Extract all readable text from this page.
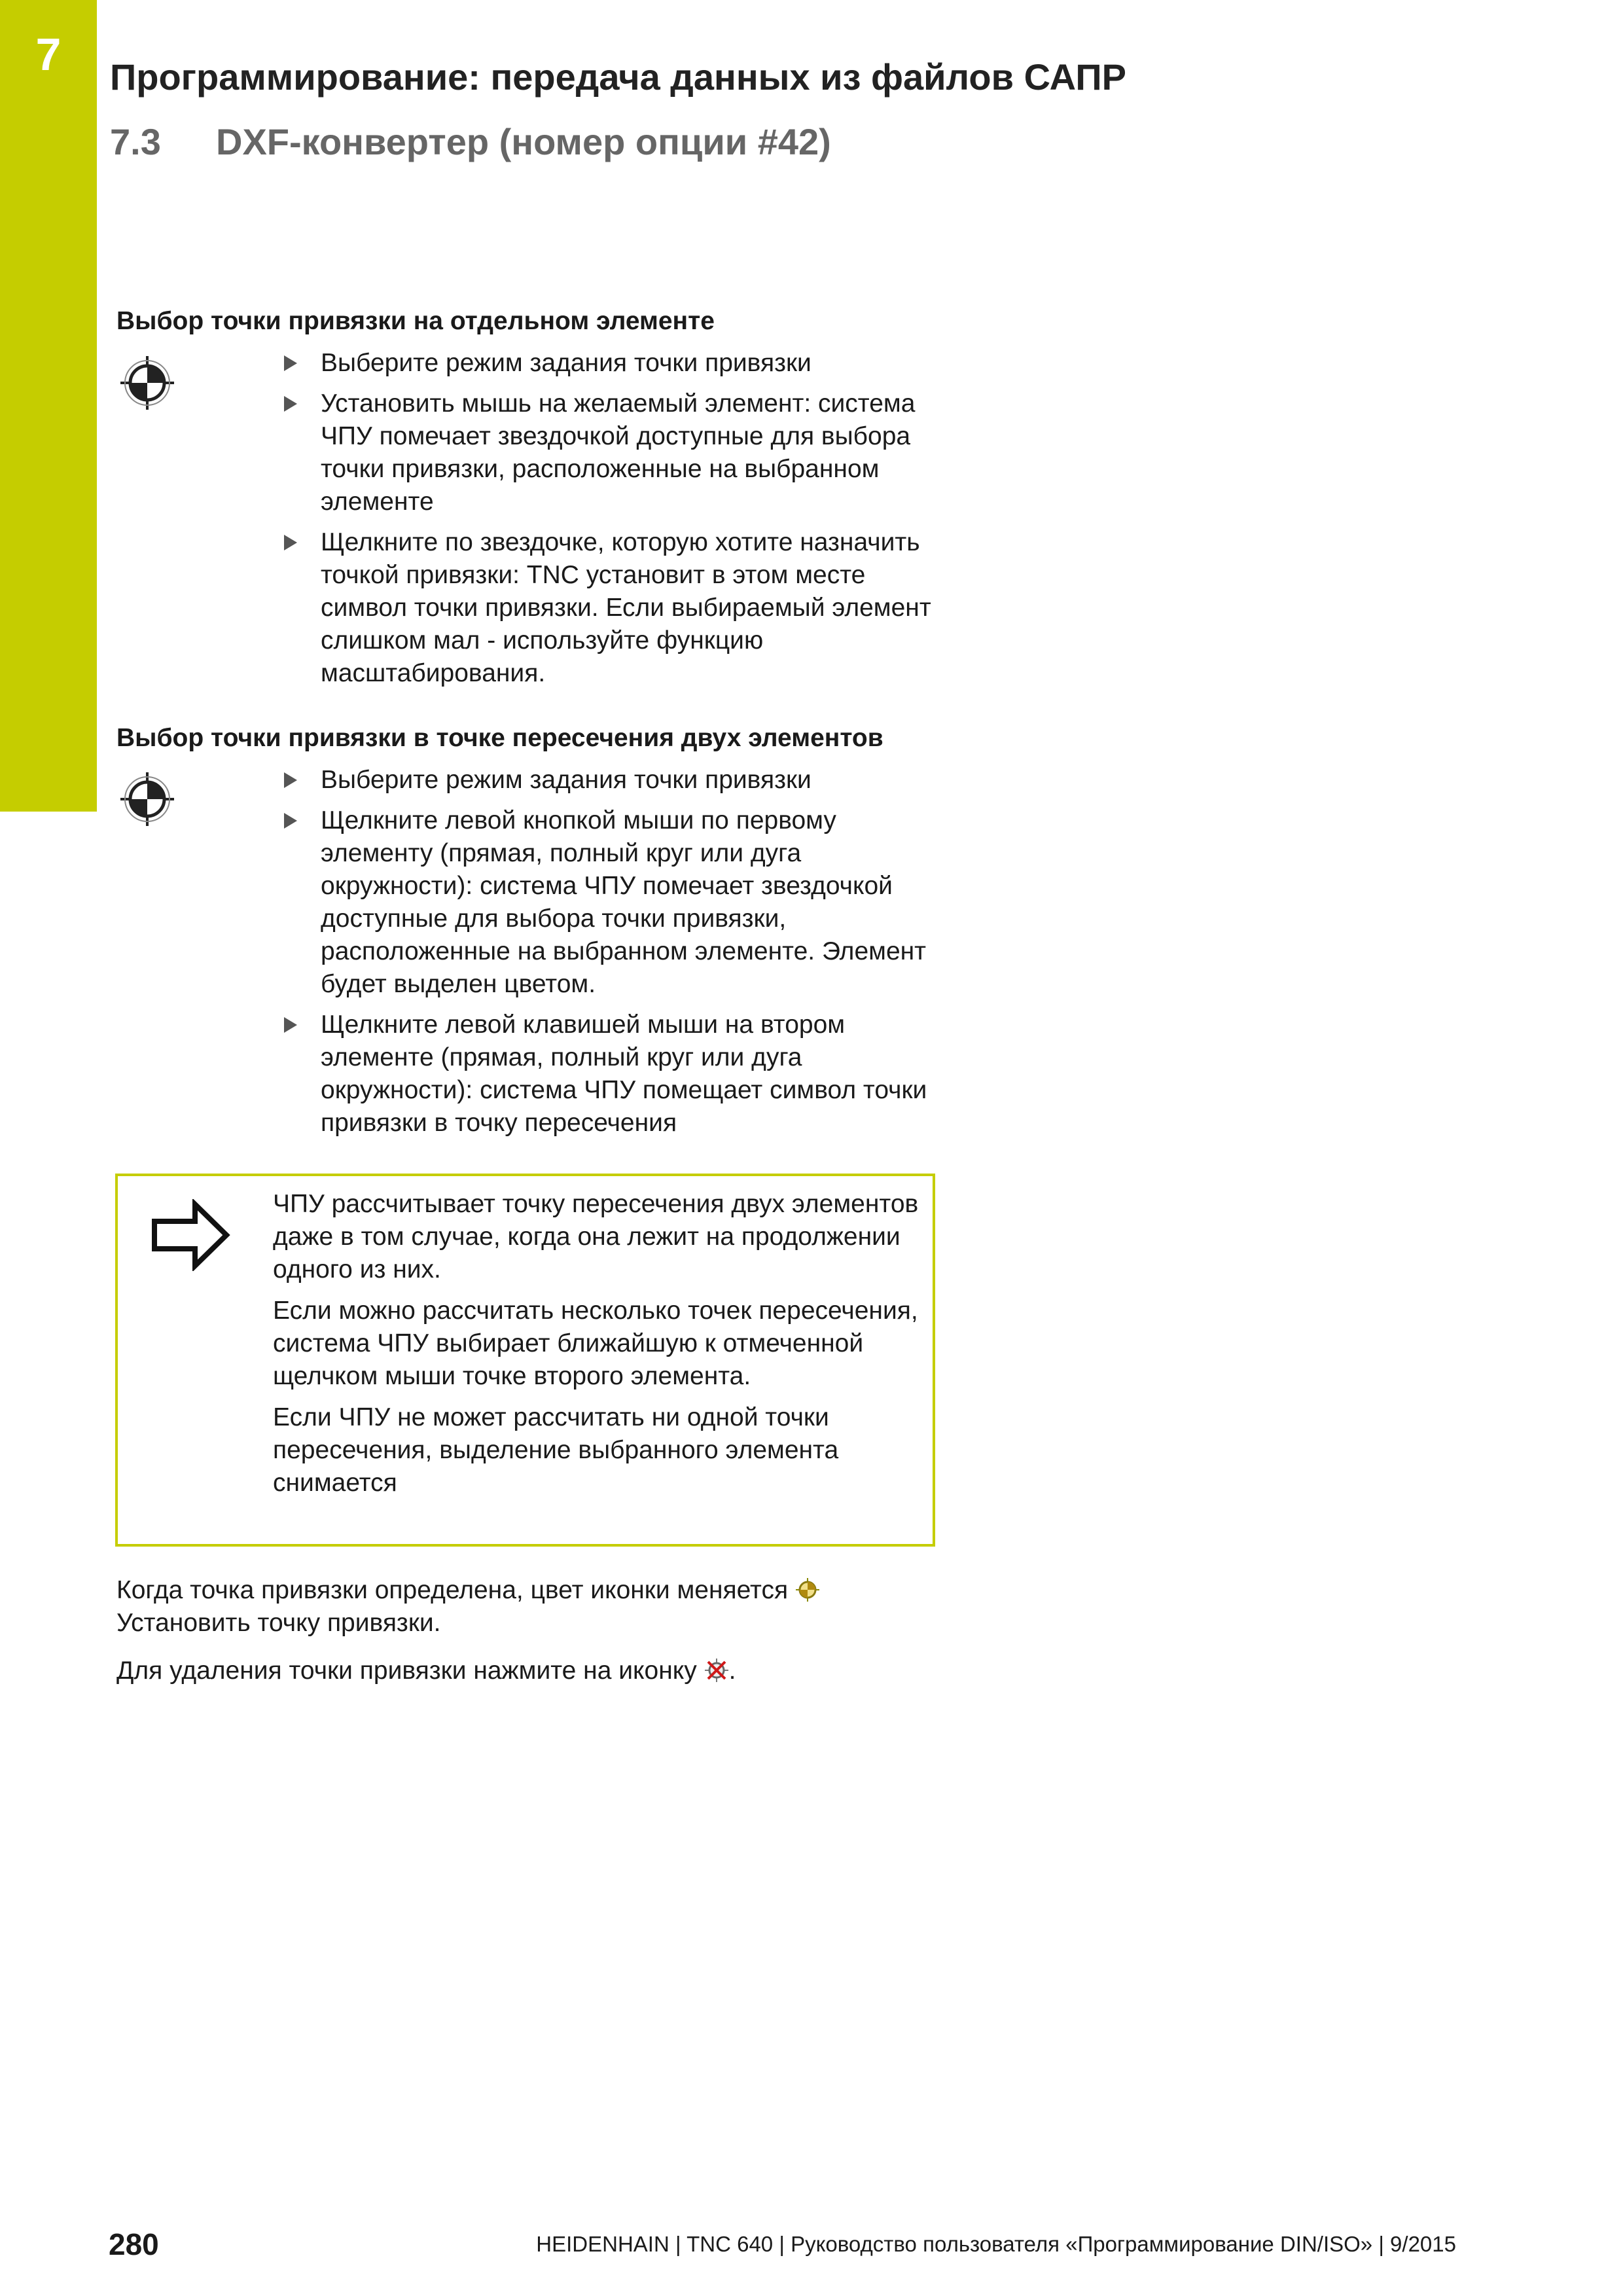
7	Программирование: передача данных из файлов САПР
7.3 DXF-конвертер (номер опции #42)
Выбор точки привязки на отдельном элементе
Выберите режим задания точки привязки
Установить мышь на желаемый элемент: система ЧПУ помечает звездочкой доступные для выбора точки привязки, расположенные на выбранном элементе
Щелкните по звездочке, которую хотите назначить точкой привязки: TNC установит в этом месте символ точки привязки. Если выбираемый элемент слишком мал - используйте функцию масштабирования.
Выбор точки привязки в точке пересечения двух элементов
Выберите режим задания точки привязки
Щелкните левой кнопкой мыши по первому элементу (прямая, полный круг или дуга окружности): система ЧПУ помечает звездочкой доступные для выбора точки привязки, расположенные на выбранном элементе. Элемент будет выделен цветом.
Щелкните левой клавишей мыши на втором элементе (прямая, полный круг или дуга окружности): система ЧПУ помещает символ точки привязки в точку пересечения

ЧПУ рассчитывает точку пересечения двух элементов даже в том случае, когда она лежит на продолжении одного из них.

Если можно рассчитать несколько точек пересечения, система ЧПУ выбирает ближайшую к отмеченной щелчком мыши точке второго элемента.

Если ЧПУ не может рассчитать ни одной точки пересечения, выделение выбранного элемента снимается

Когда точка привязки определена, цвет иконки меняется
Установить точку привязки.

Для удаления точки привязки нажмите на иконку .

280	HEIDENHAIN | TNC 640 | Руководство пользователя «Программирование DIN/ISO» | 9/2015
